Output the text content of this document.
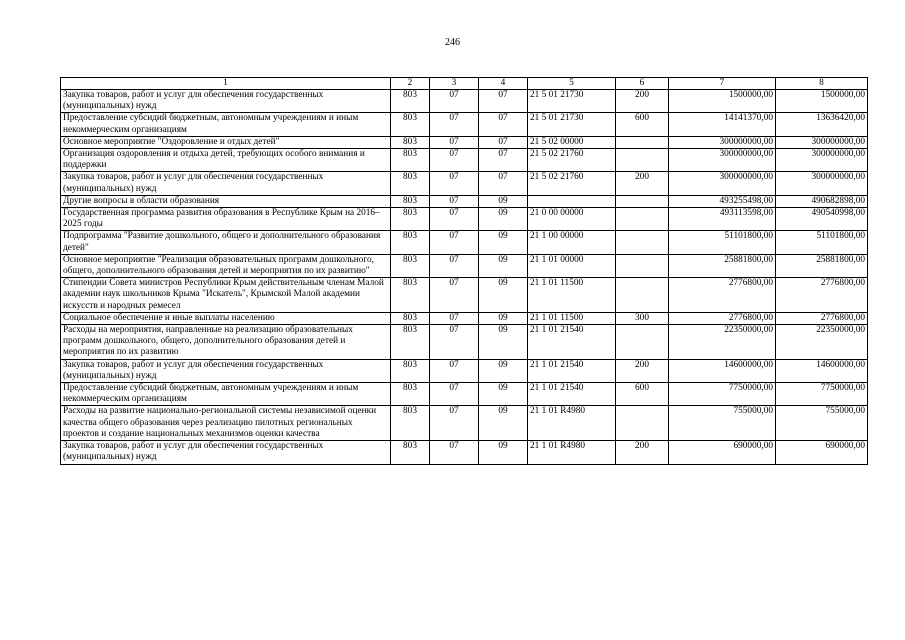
246
1	2	3	4	5	6	7	8
Закупка товаров, работ и услуг для обеспечения государственных (муниципальных) нужд	803	07	07	21 5 01 21730	200	1500000,00	1500000,00
Предоставление субсидий бюджетным, автономным учреждениям и иным некоммерческим организациям	803	07	07	21 5 01 21730	600	14141370,00	13636420,00
Основное мероприятие "Оздоровление и отдых детей"	803	07	07	21 5 02 00000		300000000,00	300000000,00
Организация оздоровления и отдыха детей, требующих особого внимания и поддержки	803	07	07	21 5 02 21760		300000000,00	300000000,00
Закупка товаров, работ и услуг для обеспечения государственных (муниципальных) нужд	803	07	07	21 5 02 21760	200	300000000,00	300000000,00
Другие вопросы в области образования	803	07	09			493255498,00	490682898,00
Государственная программа развития образования в Республике Крым на 2016–2025 годы	803	07	09	21 0 00 00000		493113598,00	490540998,00
Подпрограмма "Развитие дошкольного, общего и дополнительного образования детей"	803	07	09	21 1 00 00000		51101800,00	51101800,00
Основное мероприятие "Реализация образовательных программ дошкольного, общего, дополнительного образования детей и мероприятия по их развитию"	803	07	09	21 1 01 00000		25881800,00	25881800,00
Стипендии Совета министров Республики Крым действительным членам Малой академии наук школьников Крыма "Искатель", Крымской Малой академии искусств и народных ремесел	803	07	09	21 1 01 11500		2776800,00	2776800,00
Социальное обеспечение и иные выплаты населению	803	07	09	21 1 01 11500	300	2776800,00	2776800,00
Расходы на мероприятия, направленные на реализацию образовательных программ дошкольного, общего, дополнительного образования детей и мероприятия по их развитию	803	07	09	21 1 01 21540		22350000,00	22350000,00
Закупка товаров, работ и услуг для обеспечения государственных (муниципальных) нужд	803	07	09	21 1 01 21540	200	14600000,00	14600000,00
Предоставление субсидий бюджетным, автономным учреждениям и иным некоммерческим организациям	803	07	09	21 1 01 21540	600	7750000,00	7750000,00
Расходы на развитие национально-региональной системы независимой оценки качества общего образования через реализацию пилотных региональных проектов и создание национальных механизмов оценки качества	803	07	09	21 1 01 R4980		755000,00	755000,00
Закупка товаров, работ и услуг для обеспечения государственных (муниципальных) нужд	803	07	09	21 1 01 R4980	200	690000,00	690000,00
